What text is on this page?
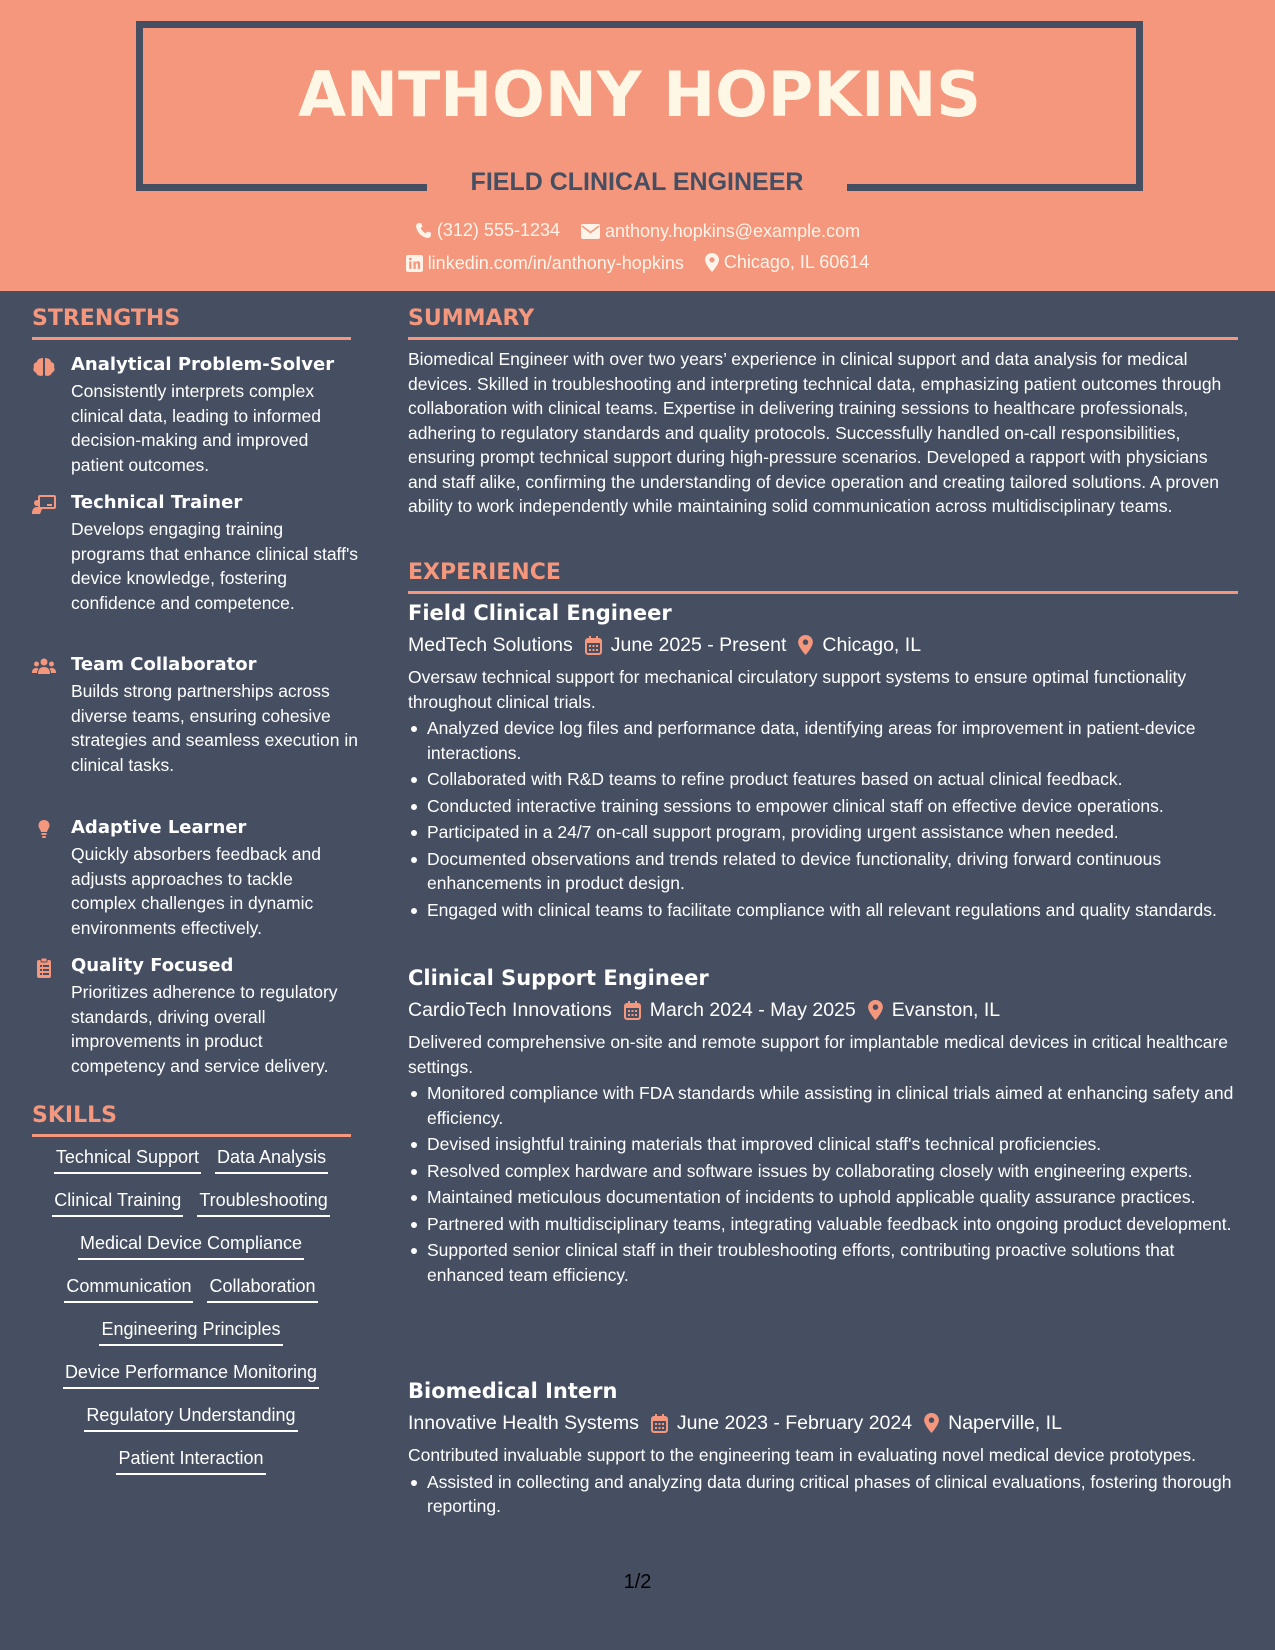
ANTHONY HOPKINS
FIELD CLINICAL ENGINEER
(312) 555-1234
	anthony.hopkins@example.com
linkedin.com/in/anthony-hopkins
Chicago, IL 60614
STRENGTHS
Analytical Problem-Solver
Consistently interprets complex clinical data, leading to informed decision-making and improved patient outcomes.
Technical Trainer
Develops engaging training programs that enhance clinical staff's device knowledge, fostering confidence and competence.
Team Collaborator
Builds strong partnerships across diverse teams, ensuring cohesive strategies and seamless execution in clinical tasks.
Adaptive Learner
Quickly absorbers feedback and adjusts approaches to tackle complex challenges in dynamic environments effectively.
Quality Focused
Prioritizes adherence to regulatory standards, driving overall improvements in product competency and service delivery.
SKILLS
Technical Support Data Analysis
Clinical Training Troubleshooting
Medical Device Compliance
Communication Collaboration
Engineering Principles
Device Performance Monitoring
Regulatory Understanding
Patient Interaction
SUMMARY
Biomedical Engineer with over two years’ experience in clinical support and data analysis for medical devices. Skilled in troubleshooting and interpreting technical data, emphasizing patient outcomes through collaboration with clinical teams. Expertise in delivering training sessions to healthcare professionals, adhering to regulatory standards and quality protocols. Successfully handled on-call responsibilities, ensuring prompt technical support during high-pressure scenarios. Developed a rapport with physicians and staff alike, confirming the understanding of device operation and creating tailored solutions. A proven ability to work independently while maintaining solid communication across multidisciplinary teams.
EXPERIENCE
Field Clinical Engineer
MedTech Solutions June 2025 - Present Chicago, IL
Oversaw technical support for mechanical circulatory support systems to ensure optimal functionality throughout clinical trials.
Analyzed device log files and performance data, identifying areas for improvement in patient-device interactions.
Collaborated with R&D teams to refine product features based on actual clinical feedback.
Conducted interactive training sessions to empower clinical staff on effective device operations.
Participated in a 24/7 on-call support program, providing urgent assistance when needed.
Documented observations and trends related to device functionality, driving forward continuous enhancements in product design.
Engaged with clinical teams to facilitate compliance with all relevant regulations and quality standards.
Clinical Support Engineer
CardioTech Innovations March 2024 - May 2025 Evanston, IL
Delivered comprehensive on-site and remote support for implantable medical devices in critical healthcare settings.
Monitored compliance with FDA standards while assisting in clinical trials aimed at enhancing safety and efficiency.
Devised insightful training materials that improved clinical staff's technical proficiencies.
Resolved complex hardware and software issues by collaborating closely with engineering experts.
Maintained meticulous documentation of incidents to uphold applicable quality assurance practices.
Partnered with multidisciplinary teams, integrating valuable feedback into ongoing product development.
Supported senior clinical staff in their troubleshooting efforts, contributing proactive solutions that enhanced team efficiency.
Biomedical Intern
Innovative Health Systems June 2023 - February 2024 Naperville, IL
Contributed invaluable support to the engineering team in evaluating novel medical device prototypes.
Assisted in collecting and analyzing data during critical phases of clinical evaluations, fostering thorough reporting.
1/2
